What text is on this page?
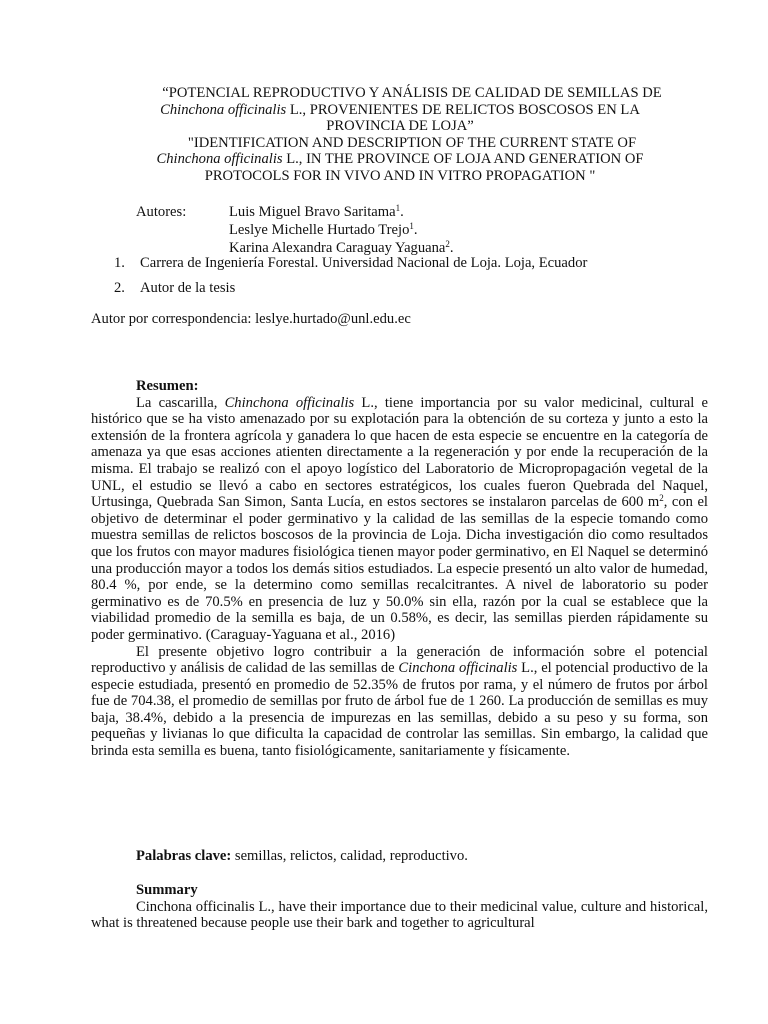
“POTENCIAL REPRODUCTIVO Y ANÁLISIS DE CALIDAD DE SEMILLAS DE

Chinchona officinalis L., PROVENIENTES DE RELICTOS BOSCOSOS EN LA

PROVINCIA DE LOJA”

"IDENTIFICATION AND DESCRIPTION OF THE CURRENT STATE OF

Chinchona officinalis L., IN THE PROVINCE OF LOJA AND GENERATION OF

PROTOCOLS FOR IN VIVO AND IN VITRO PROPAGATION "

Autores:	Luis Miguel Bravo Saritama$^1$.
Leslye Michelle Hurtado Trejo$^1$.
Karina Alexandra Caraguay Yaguana$^2$.
1. Carrera de Ingeniería Forestal. Universidad Nacional de Loja. Loja, Ecuador
2. Autor de la tesis
Autor por correspondencia: leslye.hurtado@unl.edu.ec

Resumen:

La cascarilla, Chinchona officinalis L., tiene importancia por su valor medicinal, cultural e histórico que se ha visto amenazado por su explotación para la obtención de su corteza y junto a esto la extensión de la frontera agrícola y ganadera lo que hacen de esta especie se encuentre en la categoría de amenaza ya que esas acciones atienten directamente a la regeneración y por ende la recuperación de la misma. El trabajo se realizó con el apoyo logístico del Laboratorio de Micropropagación vegetal de la UNL, el estudio se llevó a cabo en sectores estratégicos, los cuales fueron Quebrada del Naquel, Urtusinga, Quebrada San Simon, Santa Lucía, en estos sectores se instalaron parcelas de 600 $m^2$, con el objetivo de determinar el poder germinativo y la calidad de las semillas de la especie tomando como muestra semillas de relictos boscosos de la provincia de Loja. Dicha investigación dio como resultados que los frutos con mayor madures fisiológica tienen mayor poder germinativo, en El Naquel se determinó una producción mayor a todos los demás sitios estudiados. La especie presentó un alto valor de humedad, 80.4 %, por ende, se la determino como semillas recalcitrantes. A nivel de laboratorio su poder germinativo es de 70.5% en presencia de luz y 50.0% sin ella, razón por la cual se establece que la viabilidad promedio de la semilla es baja, de un 0.58%, es decir, las semillas pierden rápidamente su poder germinativo. (Caraguay-Yaguana et al., 2016)

El presente objetivo logro contribuir a la generación de información sobre el potencial reproductivo y análisis de calidad de las semillas de Cinchona officinalis L., el potencial productivo de la especie estudiada, presentó en promedio de 52.35% de frutos por rama, y el número de frutos por árbol fue de 704.38, el promedio de semillas por fruto de árbol fue de 1 260. La producción de semillas es muy baja, 38.4%, debido a la presencia de impurezas en las semillas, debido a su peso y su forma, son pequeñas y livianas lo que dificulta la capacidad de controlar las semillas. Sin embargo, la calidad que brinda esta semilla es buena, tanto fisiológicamente, sanitariamente y físicamente.

Palabras clave: semillas, relictos, calidad, reproductivo.

Summary

Cinchona officinalis L., have their importance due to their medicinal value, culture and historical, what is threatened because people use their bark and together to agricultural
